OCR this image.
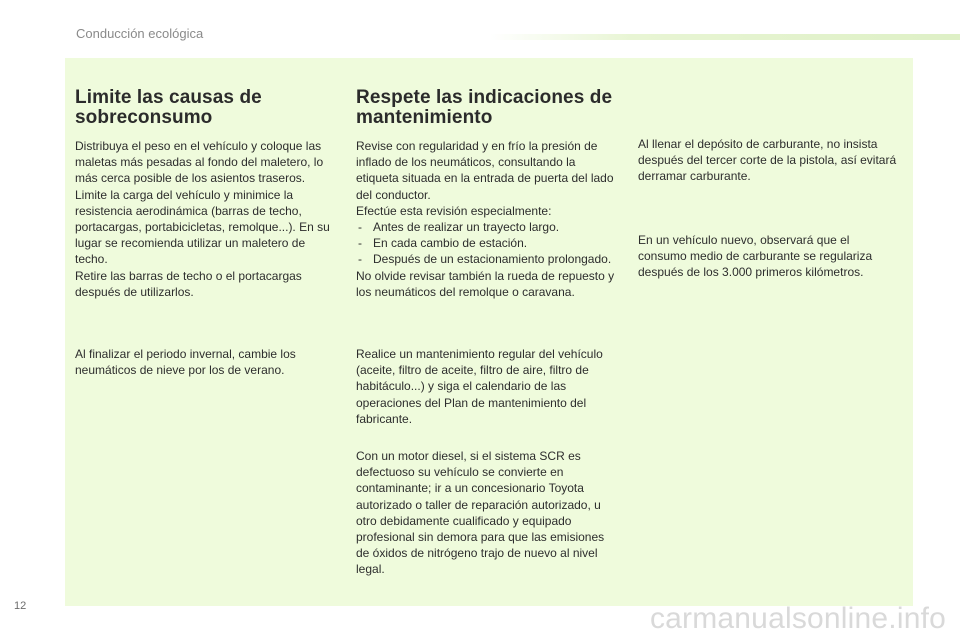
Conducción ecológica
Limite las causas de sobreconsumo

Distribuya el peso en el vehículo y coloque las maletas más pesadas al fondo del maletero, lo más cerca posible de los asientos traseros.

Limite la carga del vehículo y minimice la resistencia aerodinámica (barras de techo, portacargas, portabicicletas, remolque...). En su lugar se recomienda utilizar un maletero de techo.

Retire las barras de techo o el portacargas después de utilizarlos.

Al finalizar el periodo invernal, cambie los neumáticos de nieve por los de verano.

Respete las indicaciones de mantenimiento

Revise con regularidad y en frío la presión de inflado de los neumáticos, consultando la etiqueta situada en la entrada de puerta del lado del conductor.

Efectúe esta revisión especialmente:

- Antes de realizar un trayecto largo.
- En cada cambio de estación.
- Después de un estacionamiento prolongado.

No olvide revisar también la rueda de repuesto y los neumáticos del remolque o caravana.

Realice un mantenimiento regular del vehículo (aceite, filtro de aceite, filtro de aire, filtro de habitáculo...) y siga el calendario de las operaciones del Plan de mantenimiento del fabricante.

Con un motor diesel, si el sistema SCR es defectuoso su vehículo se convierte en contaminante; ir a un concesionario Toyota autorizado o taller de reparación autorizado, u otro debidamente cualificado y equipado profesional sin demora para que las emisiones de óxidos de nitrógeno trajo de nuevo al nivel legal.

Al llenar el depósito de carburante, no insista después del tercer corte de la pistola, así evitará derramar carburante.

En un vehículo nuevo, observará que el consumo medio de carburante se regulariza después de los 3.000 primeros kilómetros.

12	carmanualsonline.info
